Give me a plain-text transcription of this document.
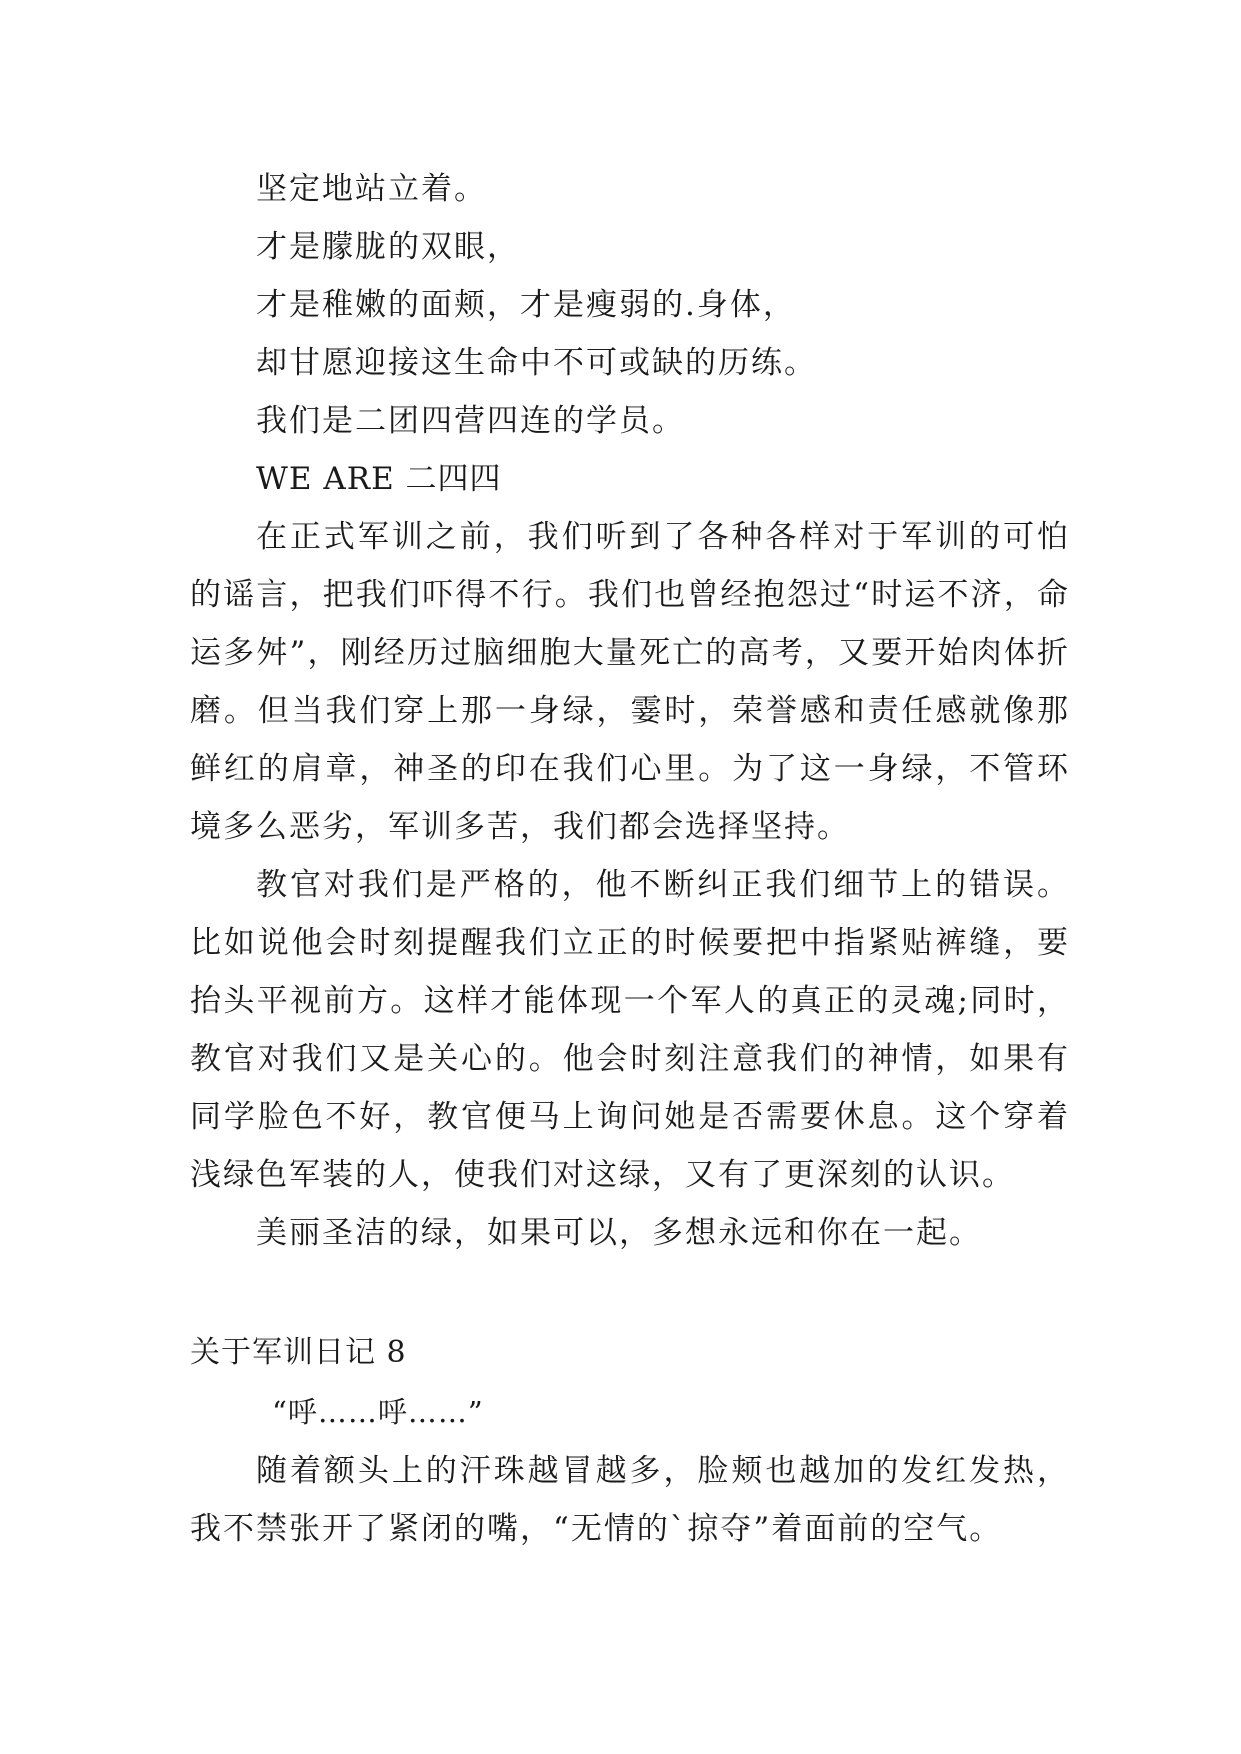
坚定地站立着。

才是朦胧的双眼，

才是稚嫩的面颊，才是瘦弱的.身体，

却甘愿迎接这生命中不可或缺的历练。

我们是二团四营四连的学员。

WE ARE 二四四

在正式军训之前，我们听到了各种各样对于军训的可怕的谣言，把我们吓得不行。我们也曾经抱怨过“时运不济，命运多舛”，刚经历过脑细胞大量死亡的高考，又要开始肉体折磨。但当我们穿上那一身绿，霎时，荣誉感和责任感就像那鲜红的肩章，神圣的印在我们心里。为了这一身绿，不管环境多么恶劣，军训多苦，我们都会选择坚持。

教官对我们是严格的，他不断纠正我们细节上的错误。比如说他会时刻提醒我们立正的时候要把中指紧贴裤缝，要抬头平视前方。这样才能体现一个军人的真正的灵魂;同时，教官对我们又是关心的。他会时刻注意我们的神情，如果有同学脸色不好，教官便马上询问她是否需要休息。这个穿着浅绿色军装的人，使我们对这绿，又有了更深刻的认识。

美丽圣洁的绿，如果可以，多想永远和你在一起。

关于军训日记 8

“呼……呼……”

随着额头上的汗珠越冒越多，脸颊也越加的发红发热，我不禁张开了紧闭的嘴，“无情的`掠夺”着面前的空气。
